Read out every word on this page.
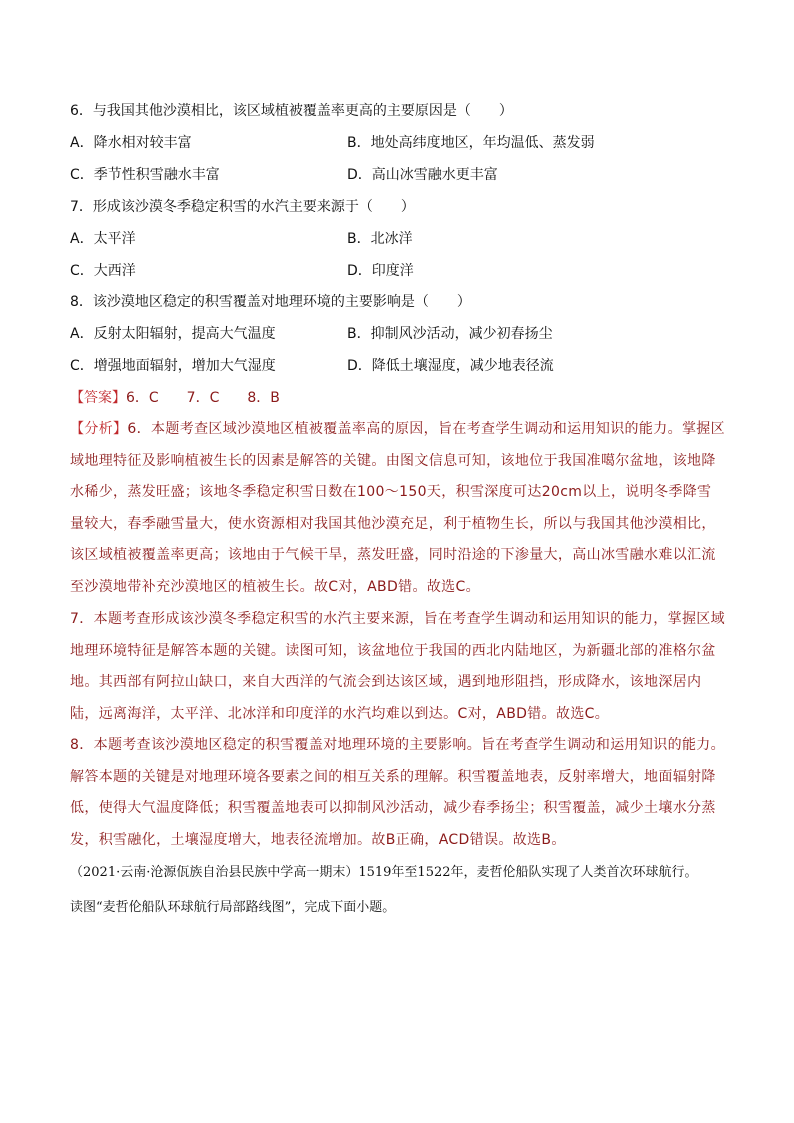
6．与我国其他沙漠相比，该区域植被覆盖率更高的主要原因是（　　）
A．降水相对较丰富	B．地处高纬度地区，年均温低、蒸发弱
C．季节性积雪融水丰富	D．高山冰雪融水更丰富
7．形成该沙漠冬季稳定积雪的水汽主要来源于（　　）
A．太平洋	B．北冰洋
C．大西洋	D．印度洋
8．该沙漠地区稳定的积雪覆盖对地理环境的主要影响是（　　）
A．反射太阳辐射，提高大气温度	B．抑制风沙活动，减少初春扬尘
C．增强地面辐射，增加大气湿度	D．降低土壤湿度，减少地表径流
【答案】6．C　　7．C　　8．B
【分析】6．本题考查区域沙漠地区植被覆盖率高的原因，旨在考查学生调动和运用知识的能力。掌握区域地理特征及影响植被生长的因素是解答的关键。由图文信息可知，该地位于我国准噶尔盆地，该地降水稀少，蒸发旺盛；该地冬季稳定积雪日数在100～150天，积雪深度可达20cm以上，说明冬季降雪量较大，春季融雪量大，使水资源相对我国其他沙漠充足，利于植物生长，所以与我国其他沙漠相比，该区域植被覆盖率更高；该地由于气候干旱，蒸发旺盛，同时沿途的下渗量大，高山冰雪融水难以汇流至沙漠地带补充沙漠地区的植被生长。故C对，ABD错。故选C。
7．本题考查形成该沙漠冬季稳定积雪的水汽主要来源，旨在考查学生调动和运用知识的能力，掌握区域地理环境特征是解答本题的关键。读图可知，该盆地位于我国的西北内陆地区，为新疆北部的准格尔盆地。其西部有阿拉山缺口，来自大西洋的气流会到达该区域，遇到地形阻挡，形成降水，该地深居内陆，远离海洋，太平洋、北冰洋和印度洋的水汽均难以到达。C对，ABD错。故选C。
8．本题考查该沙漠地区稳定的积雪覆盖对地理环境的主要影响。旨在考查学生调动和运用知识的能力。解答本题的关键是对地理环境各要素之间的相互关系的理解。积雪覆盖地表，反射率增大，地面辐射降低，使得大气温度降低；积雪覆盖地表可以抑制风沙活动，减少春季扬尘；积雪覆盖，减少土壤水分蒸发，积雪融化，土壤湿度增大，地表径流增加。故B正确，ACD错误。故选B。
（2021·云南·沧源佤族自治县民族中学高一期末）1519年至1522年，麦哲伦船队实现了人类首次环球航行。
读图“麦哲伦船队环球航行局部路线图”，完成下面小题。
